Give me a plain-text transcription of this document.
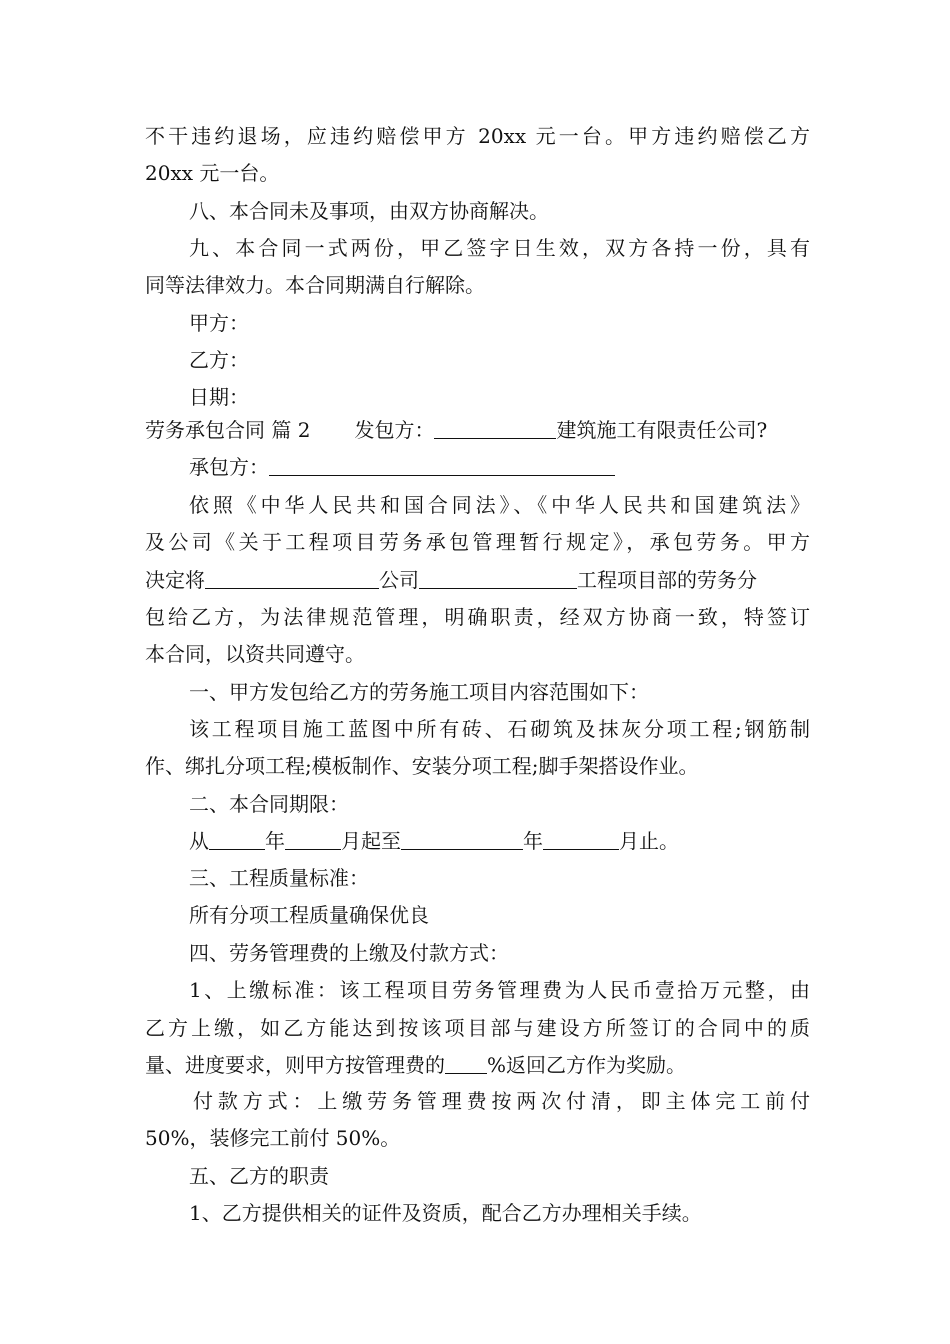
不干违约退场，应违约赔偿甲方 20xx 元一台。甲方违约赔偿乙方
20xx 元一台。
八、本合同未及事项，由双方协商解决。
九、本合同一式两份，甲乙签字日生效，双方各持一份，具有
同等法律效力。本合同期满自行解除。
甲方：
乙方：
日期：
劳务承包合同 篇 2 发包方：	建筑施工有限责任公司?
承包方：
依照《中华人民共和国合同法》、《中华人民共和国建筑法》
及公司《关于工程项目劳务承包管理暂行规定》，承包劳务。甲方
决定将	公司	工程项目部的劳务分
包给乙方，为法律规范管理，明确职责，经双方协商一致，特签订
本合同，以资共同遵守。
一、甲方发包给乙方的劳务施工项目内容范围如下：
该工程项目施工蓝图中所有砖、石砌筑及抹灰分项工程;钢筋制
作、绑扎分项工程;模板制作、安装分项工程;脚手架搭设作业。
二、本合同期限：
从	年	月起至	年	月止。
三、工程质量标准：
所有分项工程质量确保优良
四、劳务管理费的上缴及付款方式：
1、上缴标准：该工程项目劳务管理费为人民币壹拾万元整，由
乙方上缴，如乙方能达到按该项目部与建设方所签订的合同中的质
量、进度要求，则甲方按管理费的 %返回乙方作为奖励。
付款方式：上缴劳务管理费按两次付清，即主体完工前付
50%，装修完工前付 50%。
五、乙方的职责
1、乙方提供相关的证件及资质，配合乙方办理相关手续。
